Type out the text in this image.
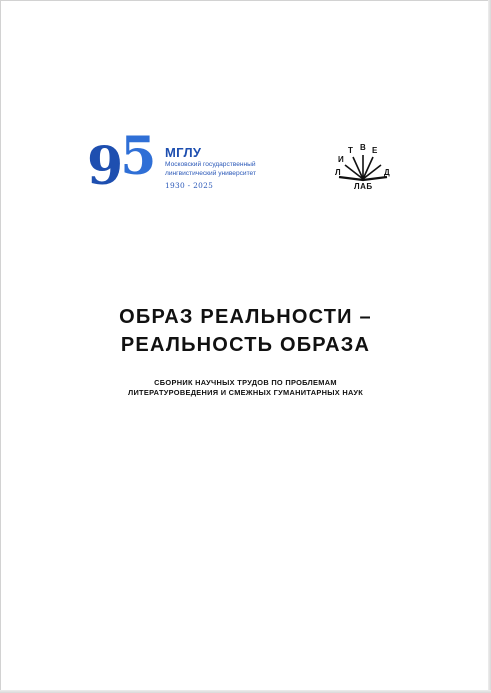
95 МГЛУ
Московский государственный
лингвистический университет
1930 - 2025
И
Т В Е
Л	Д
ЛАБ
ОБРАЗ РЕАЛЬНОСТИ –
РЕАЛЬНОСТЬ ОБРАЗА
СБОРНИК НАУЧНЫХ ТРУДОВ ПО ПРОБЛЕМАМ
ЛИТЕРАТУРОВЕДЕНИЯ И СМЕЖНЫХ ГУМАНИТАРНЫХ НАУК
